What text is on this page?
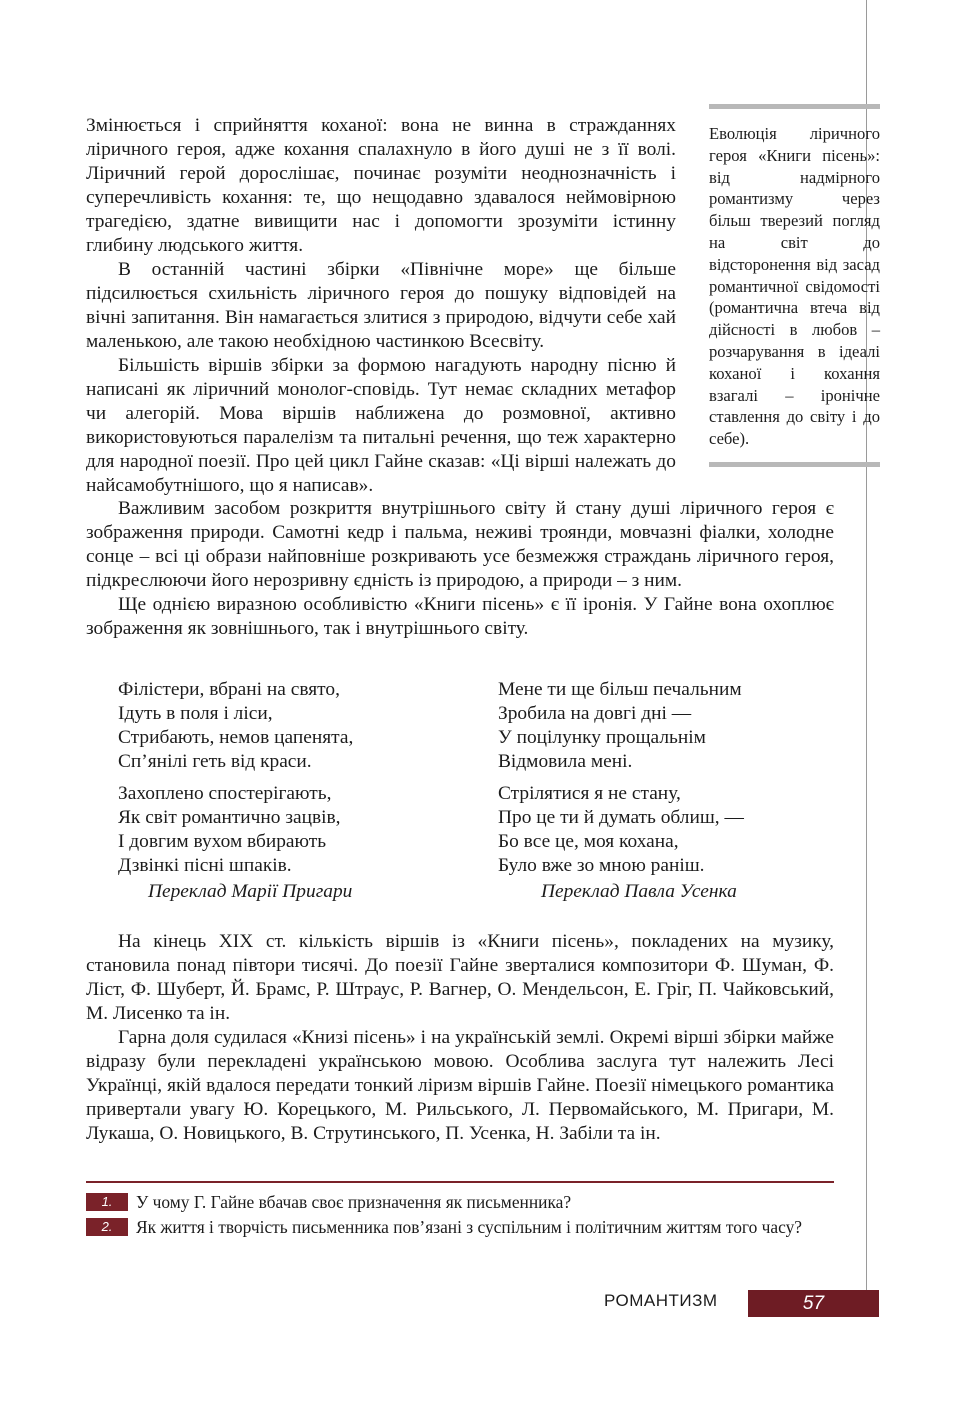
Змінюється і сприйняття коханої: вона не винна в стражданнях ліричного героя, адже кохання спалахнуло в його душі не з її волі. Ліричний герой дорослішає, починає розуміти неоднозначність і суперечливість кохання: те, що нещодавно здавалося неймовірною трагедією, здатне вивищити нас і допомогти зрозуміти істинну глибину людського життя.

В останній частині збірки «Північне море» ще більше підсилюється схильність ліричного героя до пошуку відповідей на вічні запитання. Він намагається злитися з природою, відчути себе хай маленькою, але такою необхідною частинкою Всесвіту.

Більшість віршів збірки за формою нагадують народну пісню й написані як ліричний монолог-сповідь. Тут немає складних метафор чи алегорій. Мова віршів наближена до розмовної, активно використовуються паралелізм та питальні речення, що теж характерно для народної поезії. Про цей цикл Гайне сказав: «Ці вірші належать до найсамобутнішого, що я написав».

Еволюція ліричного героя «Книги пісень»: від надмірного романтизму через більш тверезий погляд на світ до відсторонення від засад романтичної свідомості (романтична втеча від дійсності в любов – розчарування в ідеалі коханої і кохання взагалі – іронічне ставлення до світу і до себе).

Важливим засобом розкриття внутрішнього світу й стану душі ліричного героя є зображення природи. Самотні кедр і пальма, неживі троянди, мовчазні фіалки, холодне сонце – всі ці образи найповніше розкривають усе безмежжя страждань ліричного героя, підкреслюючи його нерозривну єдність із природою, а природи – з ним.

Ще однією виразною особливістю «Книги пісень» є її іронія. У Гайне вона охоплює зображення як зовнішнього, так і внутрішнього світу.

Філістери, вбрані на свято,
Ідуть в поля і ліси,
Стрибають, немов цапенята,
Сп’янілі геть від краси.
Захоплено спостерігають,
Як світ романтично зацвів,
І довгим вухом вбирають
Дзвінкі пісні шпаків.
Переклад Марії Пригари
Мене ти ще більш печальним
Зробила на довгі дні —
У поцілунку прощальнім
Відмовила мені.
Стрілятися я не стану,
Про це ти й думать облиш, —
Бо все це, моя кохана,
Було вже зо мною раніш.
Переклад Павла Усенка

На кінець XIX ст. кількість віршів із «Книги пісень», покладених на музику, становила понад півтори тисячі. До поезії Гайне зверталися композитори Ф. Шуман, Ф. Ліст, Ф. Шуберт, Й. Брамс, Р. Штраус, Р. Вагнер, О. Мендельсон, Е. Гріг, П. Чайковський, М. Лисенко та ін.

Гарна доля судилася «Книзі пісень» і на українській землі. Окремі вірші збірки майже відразу були перекладені українською мовою. Особлива заслуга тут належить Лесі Українці, якій вдалося передати тонкий ліризм віршів Гайне. Поезії німецького романтика привертали увагу Ю. Корецького, М. Рильського, Л. Первомайського, М. Пригари, М. Лукаша, О. Новицького, В. Струтинського, П. Усенка, Н. Забіли та ін.

1.	У чому Г. Гайне вбачав своє призначення як письменника?
2.	Як життя і творчість письменника пов’язані з суспільним і політичним життям того часу?
РОМАНТИЗМ	57
